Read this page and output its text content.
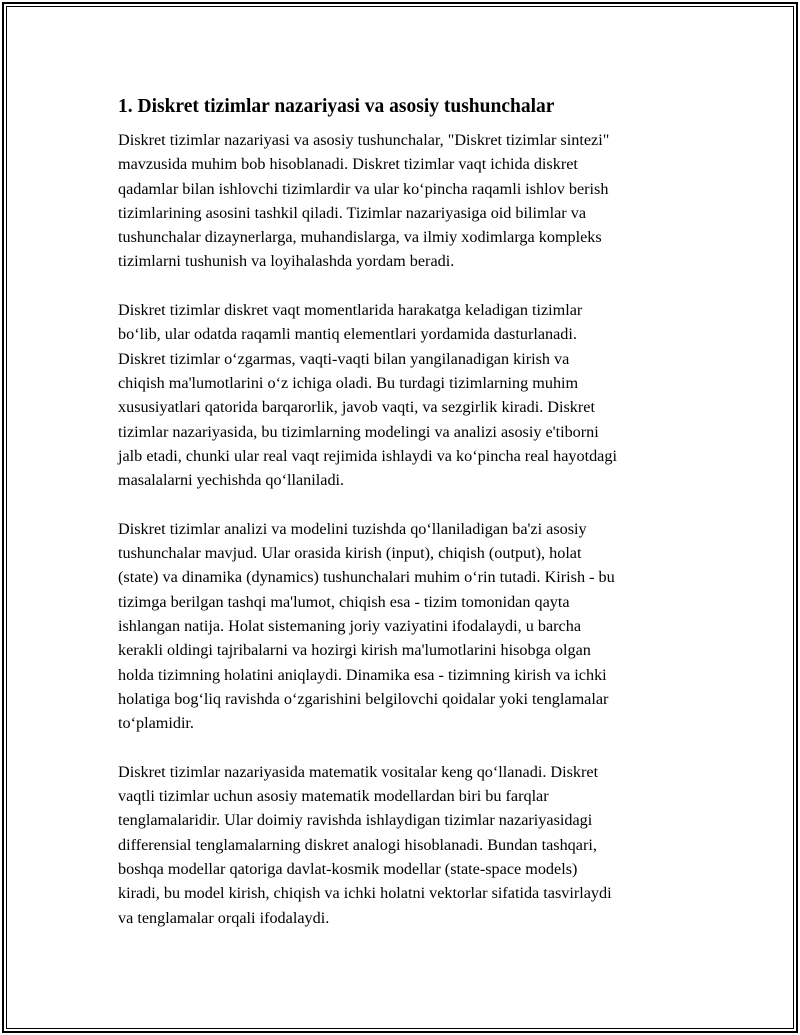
1. Diskret tizimlar nazariyasi va asosiy tushunchalar
Diskret tizimlar nazariyasi va asosiy tushunchalar, "Diskret tizimlar sintezi"
mavzusida muhim bob hisoblanadi. Diskret tizimlar vaqt ichida diskret
qadamlar bilan ishlovchi tizimlardir va ular ko‘pincha raqamli ishlov berish
tizimlarining asosini tashkil qiladi. Tizimlar nazariyasiga oid bilimlar va
tushunchalar dizaynerlarga, muhandislarga, va ilmiy xodimlarga kompleks
tizimlarni tushunish va loyihalashda yordam beradi.
Diskret tizimlar diskret vaqt momentlarida harakatga keladigan tizimlar
bo‘lib, ular odatda raqamli mantiq elementlari yordamida dasturlanadi.
Diskret tizimlar o‘zgarmas, vaqti-vaqti bilan yangilanadigan kirish va
chiqish ma'lumotlarini o‘z ichiga oladi. Bu turdagi tizimlarning muhim
xususiyatlari qatorida barqarorlik, javob vaqti, va sezgirlik kiradi. Diskret
tizimlar nazariyasida, bu tizimlarning modelingi va analizi asosiy e'tiborni
jalb etadi, chunki ular real vaqt rejimida ishlaydi va ko‘pincha real hayotdagi
masalalarni yechishda qo‘llaniladi.
Diskret tizimlar analizi va modelini tuzishda qo‘llaniladigan ba'zi asosiy
tushunchalar mavjud. Ular orasida kirish (input), chiqish (output), holat
(state) va dinamika (dynamics) tushunchalari muhim o‘rin tutadi. Kirish - bu
tizimga berilgan tashqi ma'lumot, chiqish esa - tizim tomonidan qayta
ishlangan natija. Holat sistemaning joriy vaziyatini ifodalaydi, u barcha
kerakli oldingi tajribalarni va hozirgi kirish ma'lumotlarini hisobga olgan
holda tizimning holatini aniqlaydi. Dinamika esa - tizimning kirish va ichki
holatiga bog‘liq ravishda o‘zgarishini belgilovchi qoidalar yoki tenglamalar
to‘plamidir.
Diskret tizimlar nazariyasida matematik vositalar keng qo‘llanadi. Diskret
vaqtli tizimlar uchun asosiy matematik modellardan biri bu farqlar
tenglamalaridir. Ular doimiy ravishda ishlaydigan tizimlar nazariyasidagi
differensial tenglamalarning diskret analogi hisoblanadi. Bundan tashqari,
boshqa modellar qatoriga davlat-kosmik modellar (state-space models)
kiradi, bu model kirish, chiqish va ichki holatni vektorlar sifatida tasvirlaydi
va tenglamalar orqali ifodalaydi.
